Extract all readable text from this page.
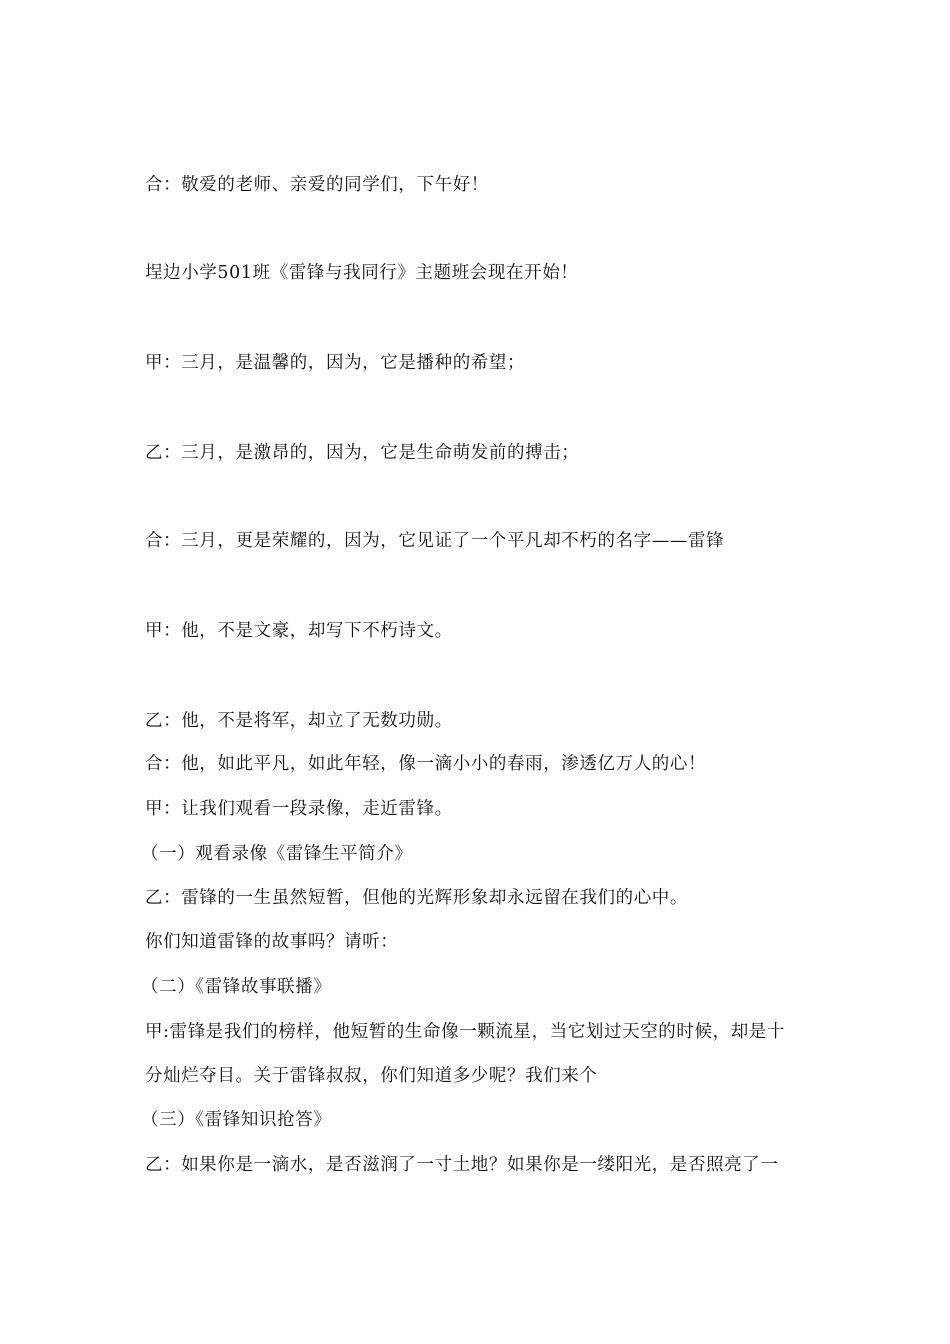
合：敬爱的老师、亲爱的同学们，下午好！
埕边小学501班《雷锋与我同行》主题班会现在开始！
甲：三月，是温馨的，因为，它是播种的希望；
乙：三月，是激昂的，因为，它是生命萌发前的搏击；
合：三月，更是荣耀的，因为，它见证了一个平凡却不朽的名字——雷锋
甲：他，不是文豪，却写下不朽诗文。
乙：他，不是将军，却立了无数功勋。
合：他，如此平凡，如此年轻，像一滴小小的春雨，渗透亿万人的心！
甲：让我们观看一段录像，走近雷锋。
（一）观看录像《雷锋生平简介》
乙：雷锋的一生虽然短暂，但他的光辉形象却永远留在我们的心中。
你们知道雷锋的故事吗？请听：
（二）《雷锋故事联播》
甲:雷锋是我们的榜样，他短暂的生命像一颗流星，当它划过天空的时候，却是十
分灿烂夺目。关于雷锋叔叔，你们知道多少呢？我们来个
（三）《雷锋知识抢答》
乙：如果你是一滴水，是否滋润了一寸土地？如果你是一缕阳光，是否照亮了一
